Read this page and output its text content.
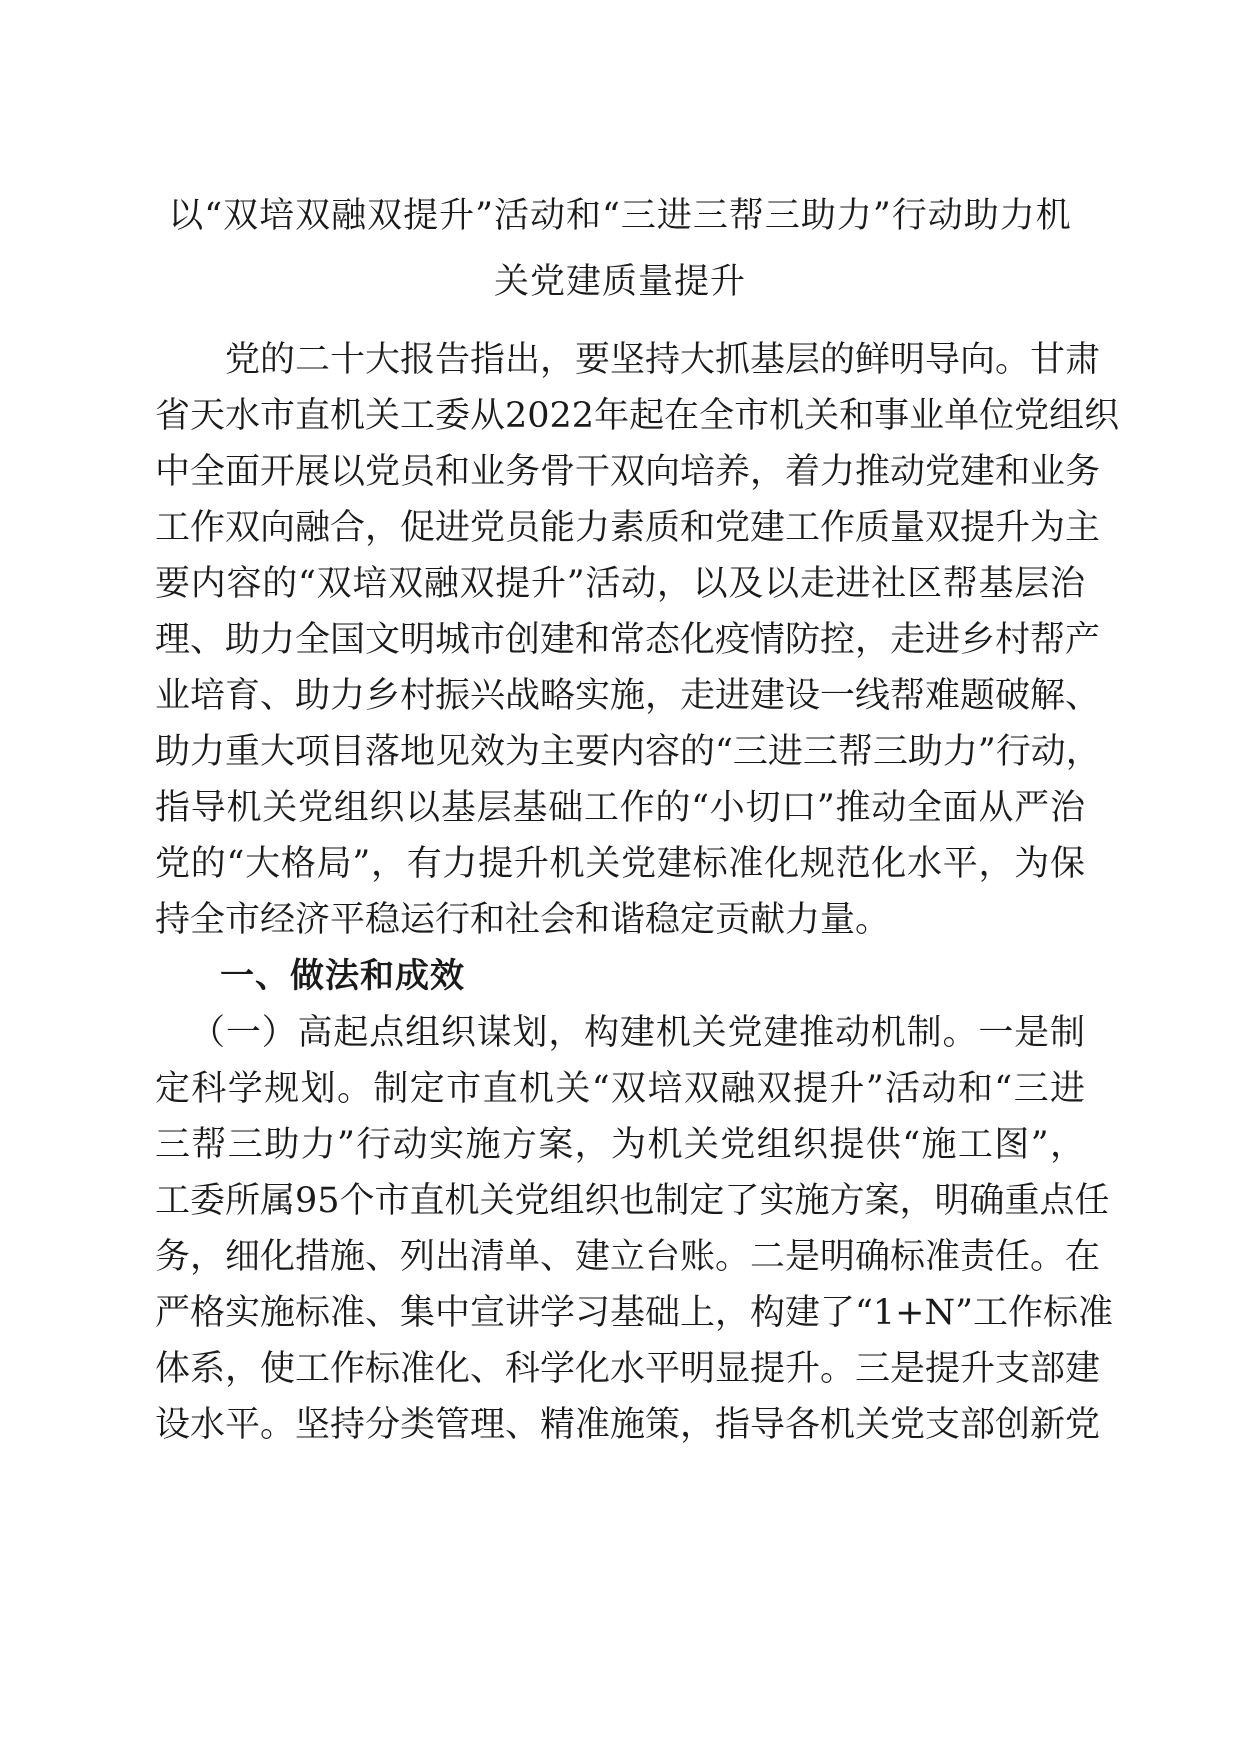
以“双培双融双提升”活动和“三进三帮三助力”行动助力机
关党建质量提升

　　党的二十大报告指出，要坚持大抓基层的鲜明导向。甘肃

省天水市直机关工委从2022年起在全市机关和事业单位党组织

中全面开展以党员和业务骨干双向培养，着力推动党建和业务

工作双向融合，促进党员能力素质和党建工作质量双提升为主

要内容的“双培双融双提升”活动，以及以走进社区帮基层治

理、助力全国文明城市创建和常态化疫情防控，走进乡村帮产

业培育、助力乡村振兴战略实施，走进建设一线帮难题破解、

助力重大项目落地见效为主要内容的“三进三帮三助力”行动，

指导机关党组织以基层基础工作的“小切口”推动全面从严治

党的“大格局”，有力提升机关党建标准化规范化水平，为保

持全市经济平稳运行和社会和谐稳定贡献力量。

一、做法和成效

（一）高起点组织谋划，构建机关党建推动机制。一是制

定科学规划。制定市直机关“双培双融双提升”活动和“三进

三帮三助力”行动实施方案，为机关党组织提供“施工图”，

工委所属95个市直机关党组织也制定了实施方案，明确重点任

务，细化措施、列出清单、建立台账。二是明确标准责任。在

严格实施标准、集中宣讲学习基础上，构建了“1+N”工作标准

体系，使工作标准化、科学化水平明显提升。三是提升支部建

设水平。坚持分类管理、精准施策，指导各机关党支部创新党
